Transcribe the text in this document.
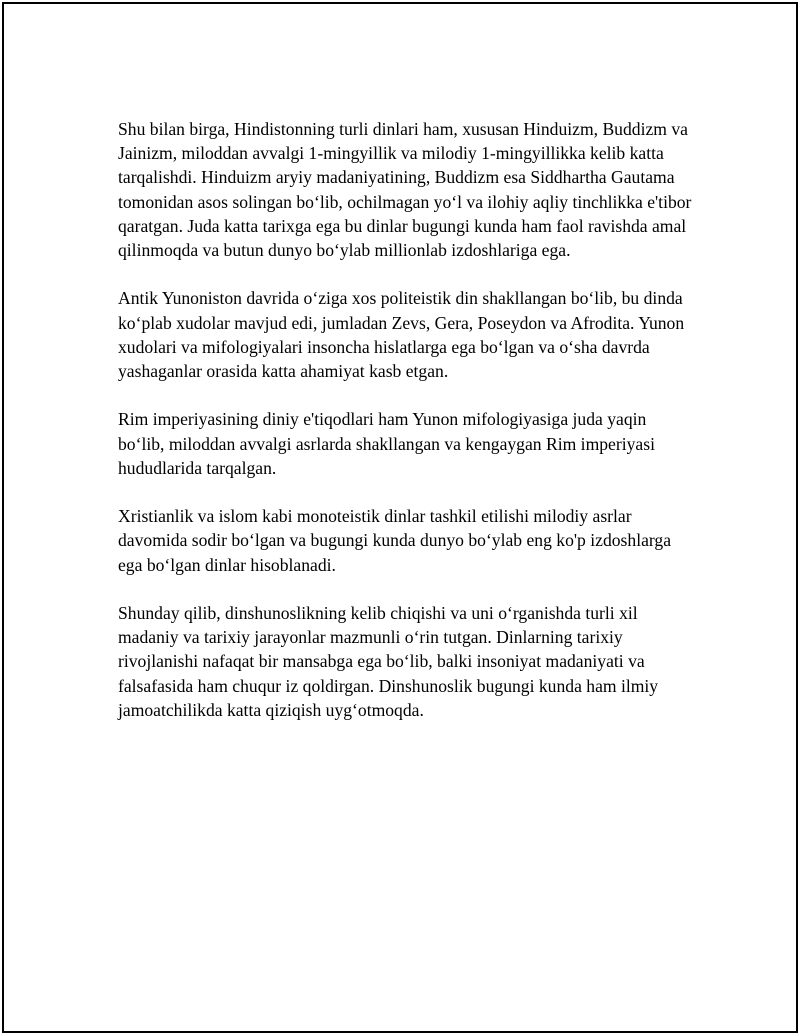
Shu bilan birga, Hindistonning turli dinlari ham, xususan Hinduizm, Buddizm va Jainizm, miloddan avvalgi 1-mingyillik va milodiy 1-mingyillikka kelib katta tarqalishdi. Hinduizm aryiy madaniyatining, Buddizm esa Siddhartha Gautama tomonidan asos solingan boʻlib, ochilmagan yoʻl va ilohiy aqliy tinchlikka e'tibor qaratgan. Juda katta tarixga ega bu dinlar bugungi kunda ham faol ravishda amal qilinmoqda va butun dunyo boʻylab millionlab izdoshlariga ega.

Antik Yunoniston davrida oʻziga xos politeistik din shakllangan boʻlib, bu dinda koʻplab xudolar mavjud edi, jumladan Zevs, Gera, Poseydon va Afrodita. Yunon xudolari va mifologiyalari insoncha hislatlarga ega boʻlgan va oʻsha davrda yashaganlar orasida katta ahamiyat kasb etgan.

Rim imperiyasining diniy e'tiqodlari ham Yunon mifologiyasiga juda yaqin boʻlib, miloddan avvalgi asrlarda shakllangan va kengaygan Rim imperiyasi hududlarida tarqalgan.

Xristianlik va islom kabi monoteistik dinlar tashkil etilishi milodiy asrlar davomida sodir boʻlgan va bugungi kunda dunyo boʻylab eng ko'p izdoshlarga ega boʻlgan dinlar hisoblanadi.

Shunday qilib, dinshunoslikning kelib chiqishi va uni oʻrganishda turli xil madaniy va tarixiy jarayonlar mazmunli oʻrin tutgan. Dinlarning tarixiy rivojlanishi nafaqat bir mansabga ega boʻlib, balki insoniyat madaniyati va falsafasida ham chuqur iz qoldirgan. Dinshunoslik bugungi kunda ham ilmiy jamoatchilikda katta qiziqish uygʻotmoqda.
